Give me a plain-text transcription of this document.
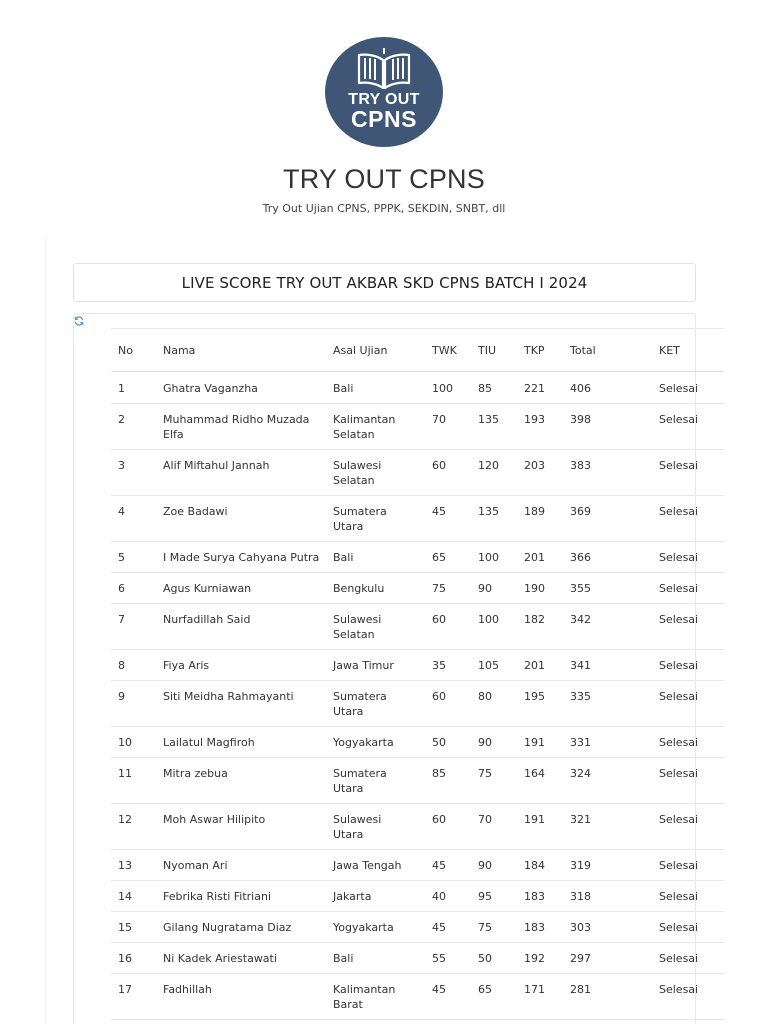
TRY OUT
CPNS
TRY OUT CPNS
Try Out Ujian CPNS, PPPK, SEKDIN, SNBT, dll
LIVE SCORE TRY OUT AKBAR SKD CPNS BATCH I 2024
No	Nama	Asal Ujian	TWK	TIU	TKP	Total	KET

1	Ghatra Vaganzha	Bali	100	85	221	406	Selesai
2	Muhammad Ridho Muzada Elfa	Kalimantan Selatan	70	135	193	398	Selesai
3	Alif Miftahul Jannah	Sulawesi Selatan	60	120	203	383	Selesai
4	Zoe Badawi	Sumatera Utara	45	135	189	369	Selesai
5	I Made Surya Cahyana Putra	Bali	65	100	201	366	Selesai
6	Agus Kurniawan	Bengkulu	75	90	190	355	Selesai
7	Nurfadillah Said	Sulawesi Selatan	60	100	182	342	Selesai
8	Fiya Aris	Jawa Timur	35	105	201	341	Selesai
9	Siti Meidha Rahmayanti	Sumatera Utara	60	80	195	335	Selesai
10	Lailatul Magfiroh	Yogyakarta	50	90	191	331	Selesai
11	Mitra zebua	Sumatera Utara	85	75	164	324	Selesai
12	Moh Aswar Hilipito	Sulawesi Utara	60	70	191	321	Selesai
13	Nyoman Ari	Jawa Tengah	45	90	184	319	Selesai
14	Febrika Risti Fitriani	Jakarta	40	95	183	318	Selesai
15	Gilang Nugratama Diaz	Yogyakarta	45	75	183	303	Selesai
16	Ni Kadek Ariestawati	Bali	55	50	192	297	Selesai
17	Fadhillah	Kalimantan Barat	45	65	171	281	Selesai
